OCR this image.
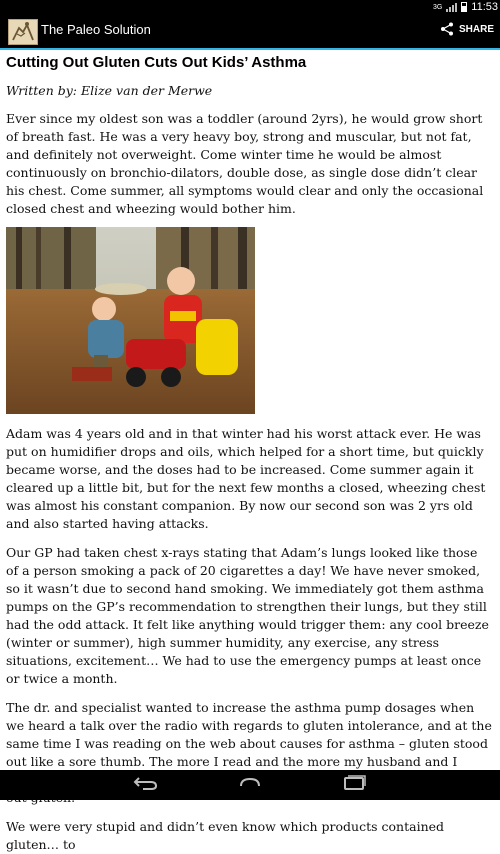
3G	11:53
The Paleo Solution	SHARE
Cutting Out Gluten Cuts Out Kids’ Asthma
Written by: Elize van der Merwe

Ever since my oldest son was a toddler (around 2yrs), he would grow short of breath fast. He was a very heavy boy, strong and muscular, but not fat, and definitely not overweight. Come winter time he would be almost continuously on bronchio-dilators, double dose, as single dose didn’t clear his chest. Come summer, all symptoms would clear and only the occasional closed chest and wheezing would bother him.

Adam was 4 years old and in that winter had his worst attack ever. He was put on humidifier drops and oils, which helped for a short time, but quickly became worse, and the doses had to be increased. Come summer again it cleared up a little bit, but for the next few months a closed, wheezing chest was almost his constant companion. By now our second son was 2 yrs old and also started having attacks.

Our GP had taken chest x-rays stating that Adam’s lungs looked like those of a person smoking a pack of 20 cigarettes a day! We have never smoked, so it wasn’t due to second hand smoking. We immediately got them asthma pumps on the GP’s recommendation to strengthen their lungs, but they still had the odd attack. It felt like anything would trigger them: any cool breeze (winter or summer), high summer humidity, any exercise, any stress situations, excitement… We had to use the emergency pumps at least once or twice a month.

The dr. and specialist wanted to increase the asthma pump dosages when we heard a talk over the radio with regards to gluten intolerance, and at the same time I was reading on the web about causes for asthma – gluten stood out like a sore thumb. The more I read and the more my husband and I

We were very stupid and didn’t even know which products contained gluten… to
